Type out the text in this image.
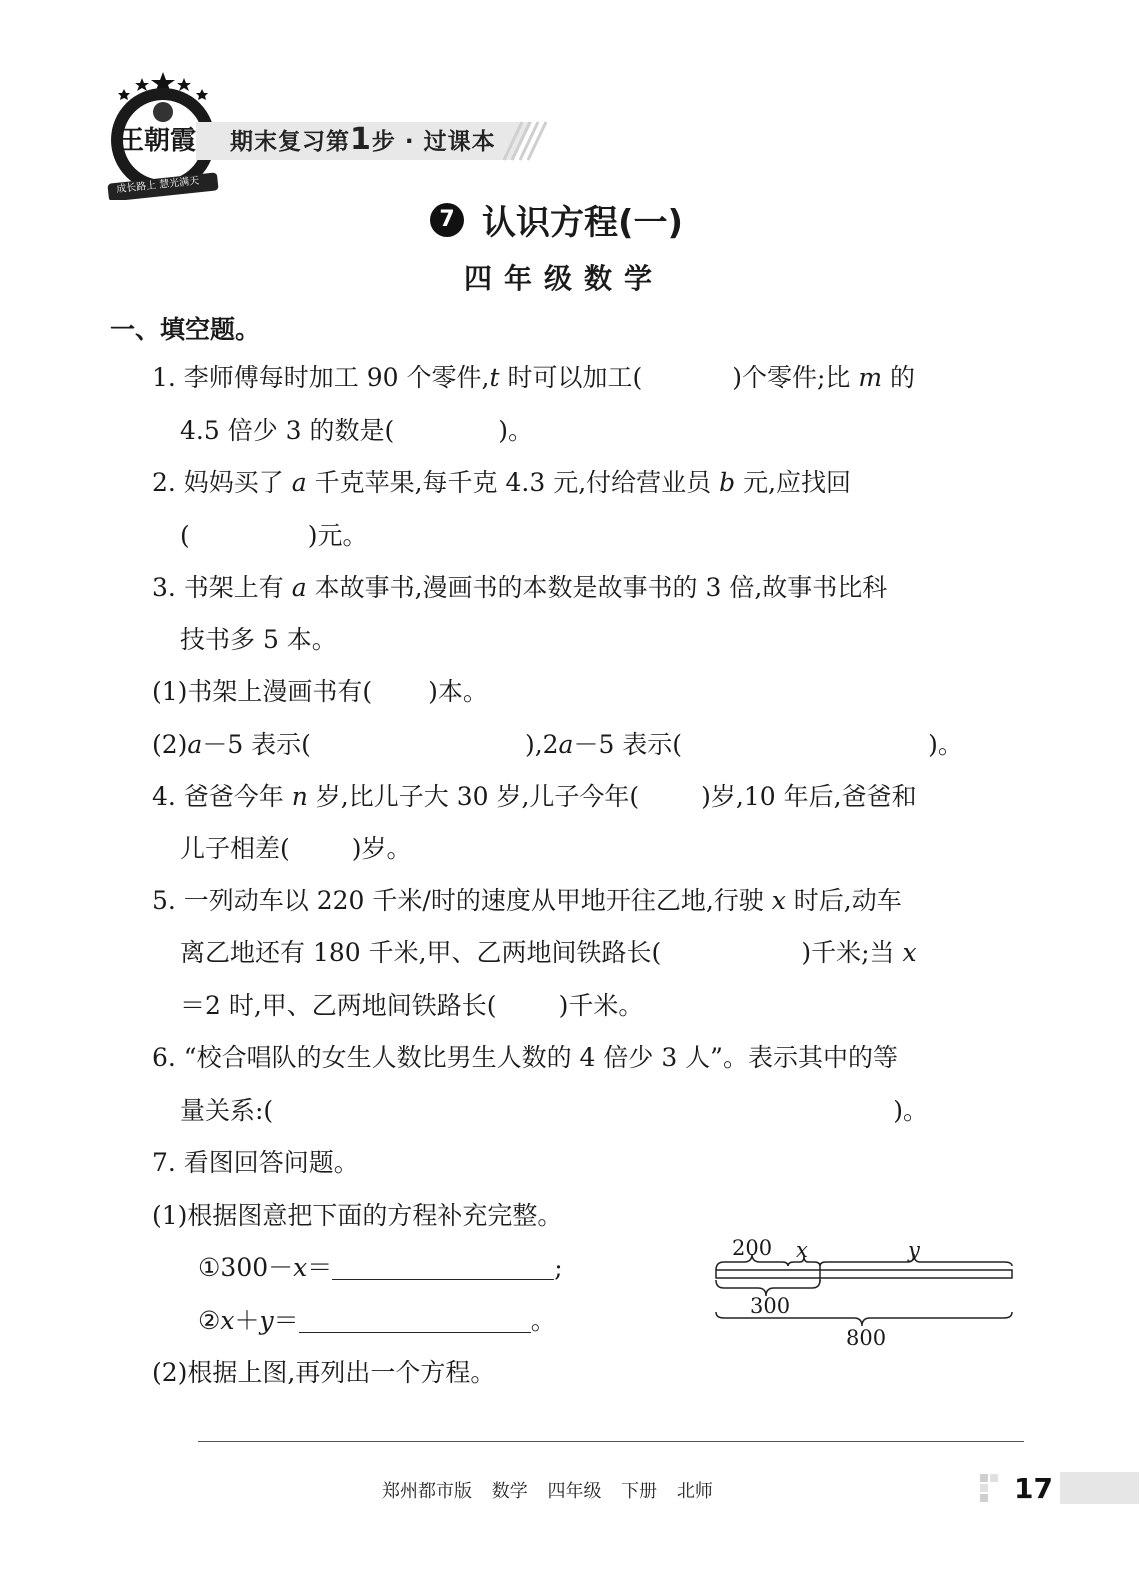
王朝霞
成长路上 慧光满天
期末复习第1步 · 过课本
7 认识方程(一)
四年级数学
一、填空题。
1. 李师傅每时加工 90 个零件,t 时可以加工(	)个零件;比 m 的
4.5 倍少 3 的数是(	)。
2. 妈妈买了 a 千克苹果,每千克 4.3 元,付给营业员 b 元,应找回
(	)元。
3. 书架上有 a 本故事书,漫画书的本数是故事书的 3 倍,故事书比科
技书多 5 本。
(1)书架上漫画书有( )本。
(2)a－5 表示(	),2a－5 表示(	)。
4. 爸爸今年 n 岁,比儿子大 30 岁,儿子今年( )岁,10 年后,爸爸和
儿子相差( )岁。
5. 一列动车以 220 千米/时的速度从甲地开往乙地,行驶 x 时后,动车
离乙地还有 180 千米,甲、乙两地间铁路长(	)千米;当 x
＝2 时,甲、乙两地间铁路长( )千米。
6. “校合唱队的女生人数比男生人数的 4 倍少 3 人”。表示其中的等
量关系:(	)。
7. 看图回答问题。
(1)根据图意把下面的方程补充完整。
①300－x＝	;
②x＋y＝	。
(2)根据上图,再列出一个方程。
200 x	y
300
800
郑州都市版 数学 四年级 下册 北师	17
